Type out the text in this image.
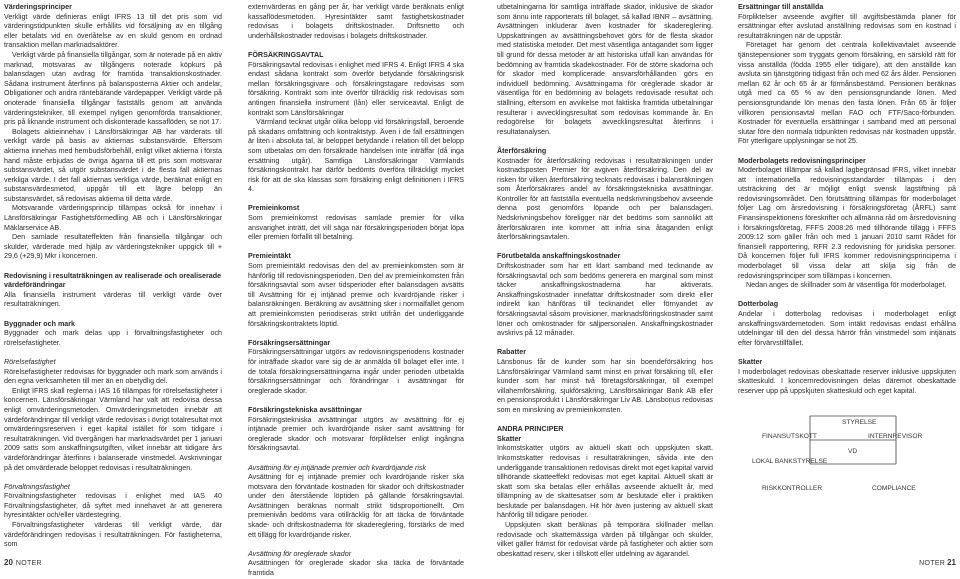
Värderingsprinciper

Verkligt värde definieras enligt IFRS 13 till det pris som vid värderingstidpunkten skulle erhållits vid försäljning av en tillgång eller betalats vid en överlåtelse av en skuld genom en ordnad transaktion mellan marknadsaktörer.

Verkligt värde på finansiella tillgångar, som är noterade på en aktiv marknad, motsvaras av tillgångens noterade köpkurs på balansdagen utan avdrag för framtida transaktionskostnader. Sådana instrument återfinns på balansposterna Aktier och andelar, Obligationer och andra räntebärande värdepapper. Verkligt värde på onoterade finansiella tillgångar fastställs genom att använda värderingstekniker, till exempel nyligen genomförda transaktioner, pris på liknande instrument och diskonterade kassaflöden, se not 17.

Bolagets aktieinnehav i Länsförsäkringar AB har värderats till verkligt värde på basis av aktiernas substansvärde. Eftersom aktierna innehas med hembudsförbehåll, enligt vilket aktierna i första hand måste erbjudas de övriga ägarna till ett pris som motsvarar substansvärdet, så utgör substansvärdet i de flesta fall aktiernas verkliga värde. I det fall aktiernas verkliga värde, beräknat enligt en substansvärdesmetod, uppgår till ett lägre belopp än substansvärdet, så redovisas aktierna till detta värde.

Motsvarande värderingsprincip tillämpas också för innehav i Länsförsäkringar Fastighetsförmedling AB och i Länsförsäkringar Mäklarservice AB.

Den samlade resultateffekten från finansiella tillgångar och skulder, värderade med hjälp av värderingstekniker uppgick till + 29,6 (+29,9) Mkr i koncernen.

Redovisning i resultaträkningen av realiserade och orealiserade värdeförändringar

Alla finansiella instrument värderas till verkligt värde över resultaträkningen.

Byggnader och mark

Byggnader och mark delas upp i förvaltningsfastigheter och rörelsefastigheter.

Rörelsefastighet

Rörelsefastigheter redovisas för byggnader och mark som används i den egna verksamheten till mer än en obetydlig del.

Enligt IFRS skall reglerna i IAS 16 tillämpas för rörelsefastigheter i koncernen. Länsförsäkringar Värmland har valt att redovisa dessa enligt omvärderingsmetoden. Omvärderingsmetoden innebär att värdeförändringar till verkligt värde redovisas i övrigt totalresultat mot omvärderingsreserven i eget kapital istället för som tidigare i resultaträkningen. Vid övergången har marknadsvärdet per 1 januari 2009 satts som anskaffningsutgiften, vilket innebär att tidigare års värdeförändringar återfinns i balanserade vinstmedel. Avskrivningar på det omvärderade beloppet redovisas i resultaträkningen.

Förvaltningsfastighet

Förvaltningsfastigheter redovisas i enlighet med IAS 40 Förvaltningsfastigheter, då syftet med innehavet är att generera hyresintäkter och/eller värdestegring.

Förvaltningsfastigheter värderas till verkligt värde, där värdeförändringen redovisas i resultaträkningen. För fastigheterna, som

externvärderas en gång per år, har verkligt värde beräknats enligt kassaflödesmetoden. Hyresintäkter samt fastighetskostnader redovisas i bolagets driftskostnader. Driftsnetto och underhållskostnader redovisas i bolagets driftskostnader.

FÖRSÄKRINGSAVTAL

Försäkringsavtal redovisas i enlighet med IFRS 4. Enligt IFRS 4 ska endast sådana kontrakt som överför betydande försäkringsrisk mellan försäkringsgivare och försäkringstagare redovisas som försäkring. Kontrakt som inte överför tillräcklig risk redovisas som antingen finansiella instrument (lån) eller serviceavtal. Enligt de kontrakt som Länsförsäkringar

Värmland tecknat utgår olika belopp vid försäkringsfall, beroende på skadans omfattning och kontraktstyp. Även i de fall ersättningen är liten i absoluta tal, är beloppet betydande i relation till det belopp som utbetalas om den försäkrade händelsen inte inträffar (då inga ersättning utgår). Samtliga Länsförsäkringar Värmlands försäkringskontrakt har därför bedömts överföra tillräckligt mycket risk för att de ska klassas som försäkring enligt definitionen i IFRS 4.

Premieinkomst

Som premieinkomst redovisas samlade premier för vilka ansvarighet inträtt, det vill säga när försäkringsperioden börjat löpa eller premien förfallit till betalning.

Premieintäkt

Som premieintäkt redovisas den del av premieinkomsten som är hänförlig till redovisningsperioden. Den del av premieinkomsten från försäkringsavtal som avser tidsperioder efter balansdagen avsätts till Avsättning för ej intjänad premie och kvardröjande risker i balansräkningen. Beräkning av avsättning sker i normalfallet genom att premieinkomsten periodiseras strikt utifrån det underliggande försäkringskontraktets löptid.

Försäkringsersättningar

Försäkringsersättningar utgörs av redovisningsperiodens kostnader för inträffade skador vare sig de är anmälda till bolaget eller inte. I de totala försäkringsersättningarna ingår under perioden utbetalda försäkringsersättningar och förändringar i avsättningar för oreglerade skador.

Försäkringstekniska avsättningar

Försäkringstekniska avsättningar utgörs av avsättning för ej intjänade premier och kvardröjande risker samt avsättning för oreglerade skador och motsvarar förpliktelser enligt ingångna försäkringsavtal.

Avsättning för ej intjänade premier och kvardröjande risk

Avsättning för ej intjänade premier och kvardröjande risker ska motsvara den förväntade kostnaden för skador och driftskostnader under den återstående löptiden på gällande försäkringsavtal. Avsättningen beräknas normalt strikt tidsproportionellt. Om premienivån bedöms vara otillräcklig för att täcka de förväntade skade- och driftskostnaderna för skadereglering, förstärks de med ett tillägg för kvardröjande risker.

Avsättning för oreglerade skador

Avsättningen för oreglerade skador ska täcka de förväntade framtida

utbetalningarna för samtliga inträffade skador, inklusive de skador som ännu inte rapporterats till bolaget, så kallad IBNR – avsättning. Avsättningen inkluderar även kostnader för skadereglering. Uppskattningen av avsättningsbehovet görs för de flesta skador med statistiska metoder. Det mest väsentliga antagandet som ligger till grund för dessa metoder är att historiska utfall kan användas för bedömning av framtida skadekostnader. För de större skadorna och för skador med komplicerade ansvarsförhållanden görs en individuell bedömning. Avsättningarna för oreglerade skador är väsentliga för en bedömning av bolagets redovisade resultat och ställning, eftersom en avvikelse mot faktiska framtida utbetalningar resulterar i avvecklingsresultat som redovisas kommande år. En redogörelse för bolagets avvecklingsresultat återfinns i resultatanalysen.

Återförsäkring

Kostnader för återförsäkring redovisas i resultaträkningen under kostnadsposten Premier för avgiven återförsäkring. Den del av risken för vilken återförsäkring tecknats redovisas i balansräkningen som Återförsäkrares andel av försäkringstekniska avsättningar. Kontroller för att fastställa eventuella nedskrivningsbehov avseende denna post genomförs löpande och per balansdagen. Nedskrivningsbehov föreligger när det bedöms som sannolikt att återförsäkraren inte kommer att infria sina åtaganden enligt återförsäkringsavtalen.

Förutbetalda anskaffningskostnader

Driftskostnader som har ett klart samband med tecknande av försäkringsavtal och som bedöms generera en marginal som minst täcker anskaffningskostnaderna har aktiverats. Anskaffningskostnader innefattar driftskostnader som direkt eller indirekt kan hänföras till tecknandet eller förnyandet av försäkringsavtal såsom provisioner, marknadsföringskostnader samt löner och omkostnader för säljpersonalen. Anskaffningskostnader avskrivs på 12 månader.

Rabatter

Länsbonus får de kunder som har sin boendeförsäkring hos Länsförsäkringar Värmland samt minst en privat försäkring till, eller kunder som har minst två företagsförsäkringar, till exempel villahemförsäkring, sjukförsäkring, Länsförsäkringar Bank AB eller en pensionsprodukt i Länsförsäkringar Liv AB. Länsbonus redovisas som en minskning av premieinkomsten.

ANDRA PRINCIPER
Skatter

Inkomstskatter utgörs av aktuell skatt och uppskjuten skatt. Inkomstskatter redovisas i resultaträkningen, såvida inte den underliggande transaktionen redovisas direkt mot eget kapital varvid tillhörande skatteeffekt redovisas mot eget kapital. Aktuell skatt är skatt som ska betalas eller erhållas avseende aktuellt år, med tillämpning av de skattesatser som är beslutade eller i praktiken beslutade per balansdagen. Hit hör även justering av aktuell skatt hänförlig till tidigare perioder.

Uppskjuten skatt beräknas på temporära skillnader mellan redovisade och skattemässiga värden på tillgångar och skulder, vilket gäller främst för redovisat värde på fastigheter och aktier som obeskattad reserv, sker i tillskott eller utdelning av ägarandel.

Ersättningar till anställda

Förpliktelser avseende avgifter till avgiftsbestämda planer för ersättningar efter avslutad anställning redovisas som en kostnad i resultaträkningen när de uppstår.

Företaget har genom det centrala kollektivavtalet avseende tjänstepensioner som tryggats genom försäkring, en särskild rätt för vissa anställda (födda 1955 eller tidigare), att den anställde kan avsluta sin tjänstgöring tidigast från och med 62 års ålder. Pensionen mellan 62 år och 65 år är förmånsbestämd. Pensionen beräknas utgå med ca 65 % av den pensionsgrundande lönen. Med pensionsgrundande lön menas den fasta lönen. Från 65 år följer villkoren pensionsavtal mellan FAO och FTF/Saco-förbunden. Kostnader för eventuella ersättningar i samband med att personal slutar före den normala tidpunkten redovisas när kostnaden uppstår. För ytterligare upplysningar se not 25.

Moderbolagets redovisningsprinciper

Moderbolaget tillämpar så kallad lagbegränsad IFRS, vilket innebär att internationella redovisningsstandarder tillämpas i den utsträckning det är möjligt enligt svensk lagstiftning på redovisningsområdet. Den förutsättning tillämpas för moderbolaget följer Lag om årsredovisning i försäkringsföretag (ÅRFL) samt Finansinspektionens föreskrifter och allmänna råd om årsredovisning i försäkringsföretag, FFFS 2008:26 med tillhörande tillägg i FFFS 2009:12 som gäller från och med 1 januari 2010 samt Rådet för finansiell rapportering, RFR 2.3 redovisning för juridiska personer. Då koncernen följer full IFRS kommer redovisningsprinciperna i moderbolaget till vissa delar att skilja sig från de redovisningsprinciper som tillämpas i koncernen.

Nedan anges de skillnader som är väsentliga för moderbolaget.

Dotterbolag

Andelar i dotterbolag redovisas i moderbolaget enligt anskaffningsvärdemetoden. Som intäkt redovisas endast erhållna utdelningar till den del dessa härrör från vinstmedel som intjänats efter förvärvstillfället.

Skatter

I moderbolaget redovisas obeskattade reserver inklusive uppskjuten skatteskuld. I koncernredovisningen delas däremot obeskattade reserver upp på uppskjuten skatteskuld och eget kapital.

STYRELSE
FINANSUTSKOTT	INTERNREVISOR
LOKAL BANKSTYRELSE
VD
RISKKONTROLLER	COMPLIANCE
20 NOTER	NOTER 21
